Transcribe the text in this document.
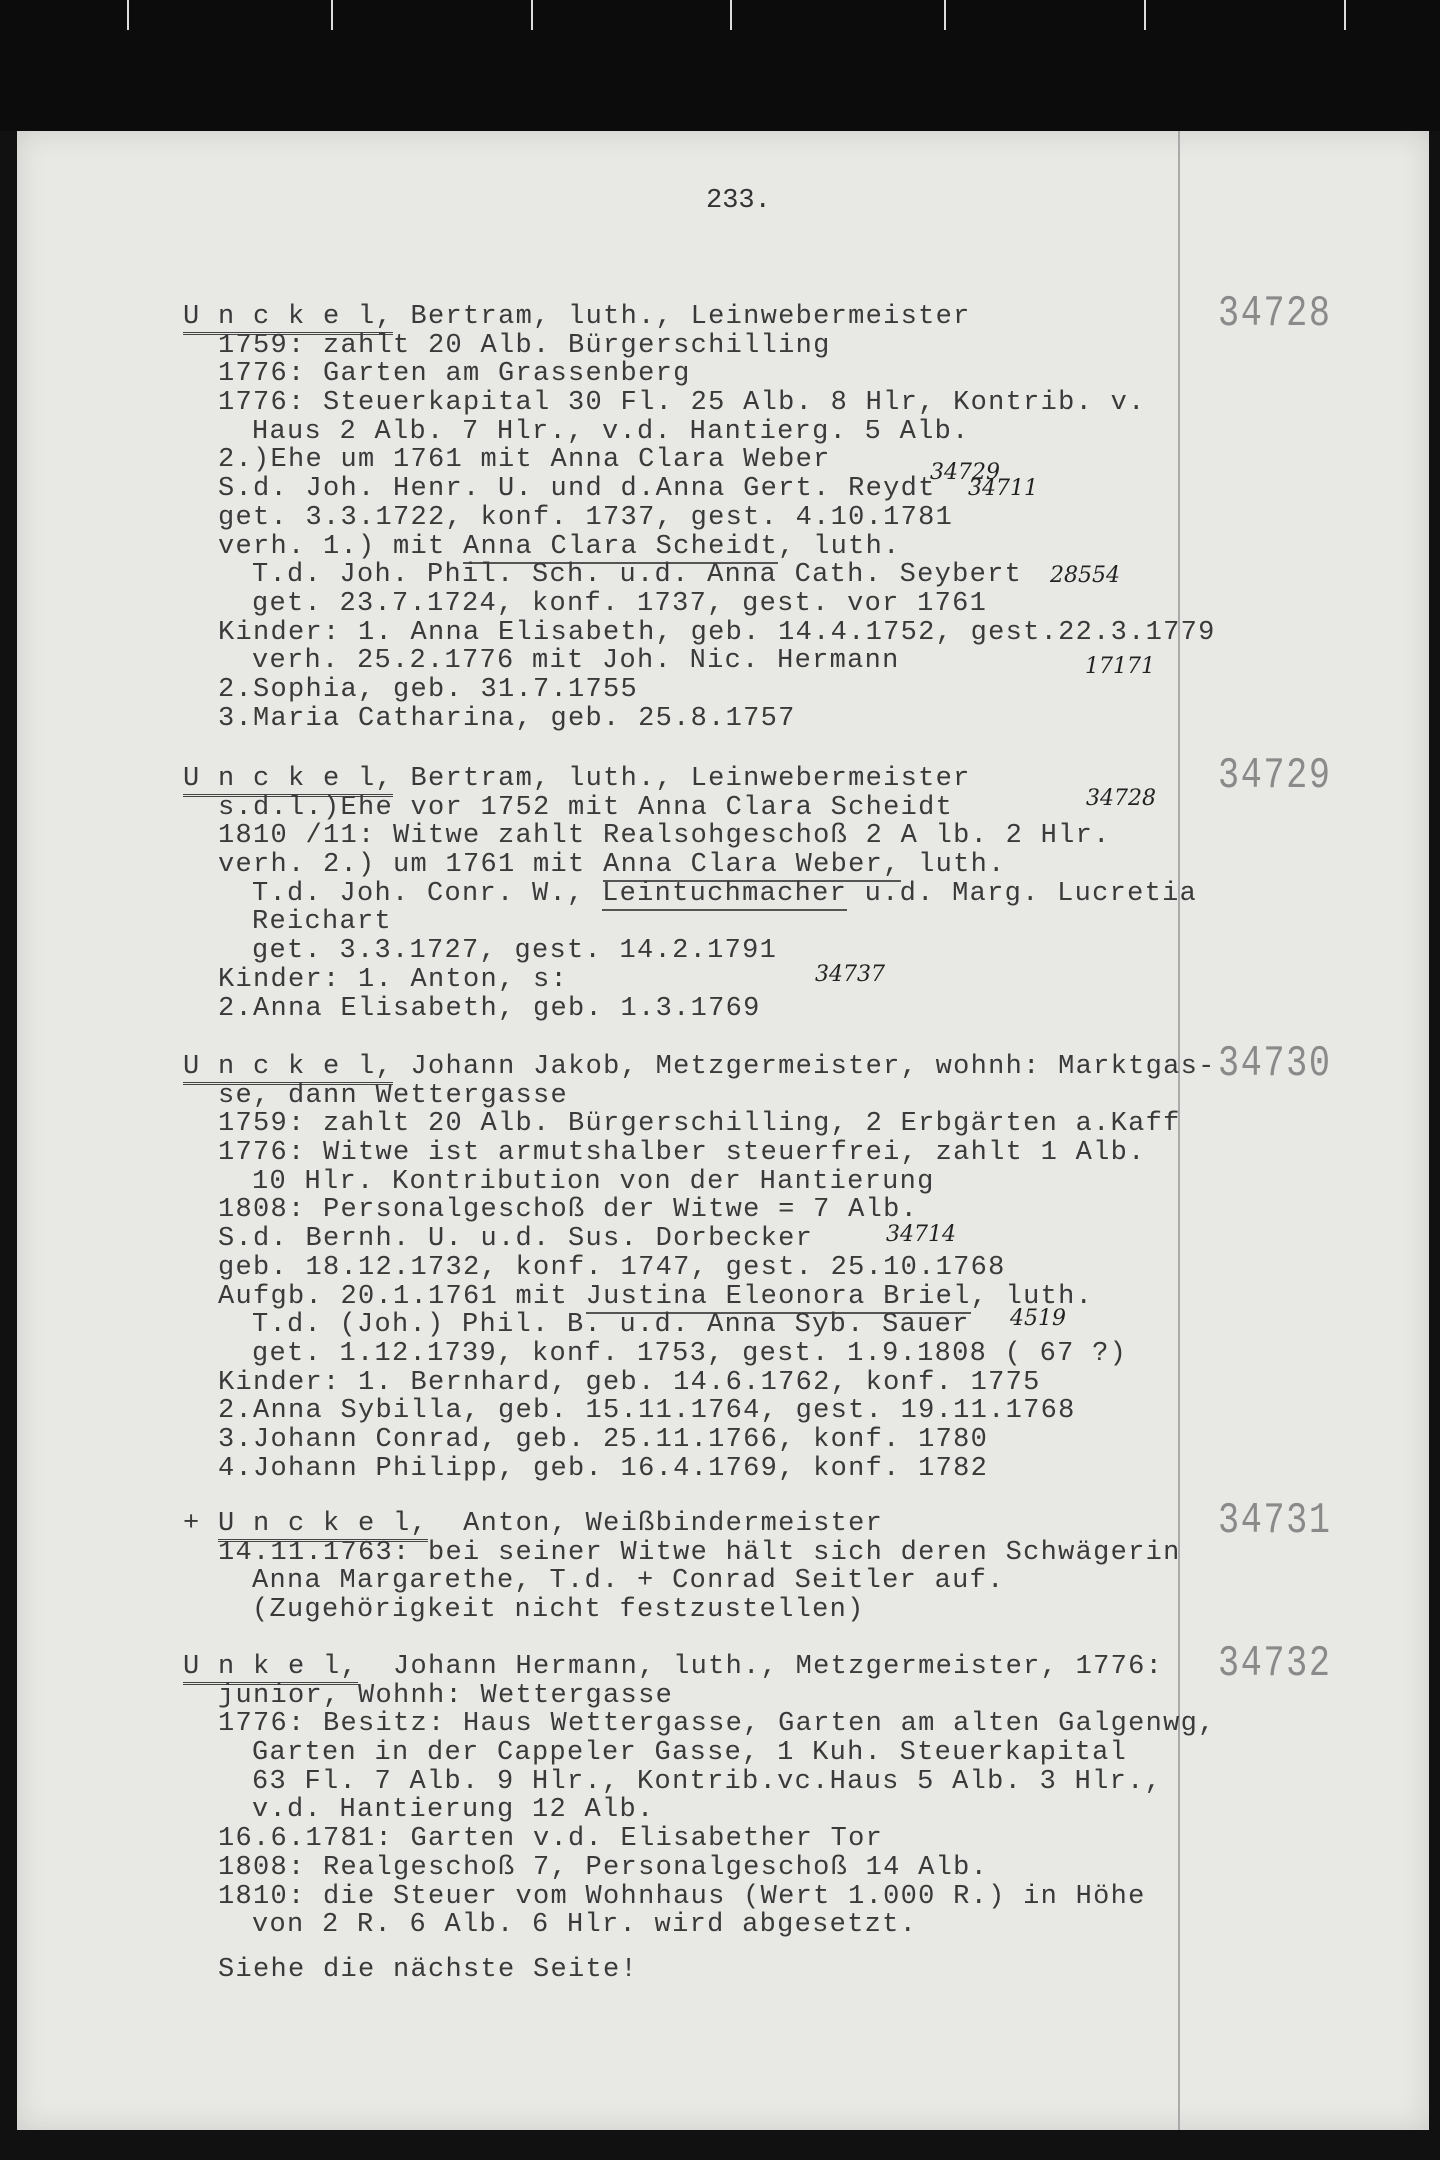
233.
U n c k e l, Bertram, luth., Leinwebermeister
1759: zahlt 20 Alb. Bürgerschilling
1776: Garten am Grassenberg
1776: Steuerkapital 30 Fl. 25 Alb. 8 Hlr, Kontrib. v.
Haus 2 Alb. 7 Hlr., v.d. Hantierg. 5 Alb.
2.)Ehe um 1761 mit Anna Clara Weber
S.d. Joh. Henr. U. und d.Anna Gert. Reydt
get. 3.3.1722, konf. 1737, gest. 4.10.1781
verh. 1.) mit Anna Clara Scheidt, luth.
T.d. Joh. Phil. Sch. u.d. Anna Cath. Seybert
get. 23.7.1724, konf. 1737, gest. vor 1761
Kinder: 1. Anna Elisabeth, geb. 14.4.1752, gest.22.3.1779
verh. 25.2.1776 mit Joh. Nic. Hermann
2.Sophia, geb. 31.7.1755
3.Maria Catharina, geb. 25.8.1757
34728
U n c k e l, Bertram, luth., Leinwebermeister
s.d.l.)Ehe vor 1752 mit Anna Clara Scheidt
1810 /11: Witwe zahlt Realsohgeschoß 2 A lb. 2 Hlr.
verh. 2.) um 1761 mit Anna Clara Weber, luth.
T.d. Joh. Conr. W., Leintuchmacher u.d. Marg. Lucretia
Reichart
get. 3.3.1727, gest. 14.2.1791
Kinder: 1. Anton, s:
2.Anna Elisabeth, geb. 1.3.1769
34729
U n c k e l, Johann Jakob, Metzgermeister, wohnh: Marktgas-
se, dann Wettergasse
1759: zahlt 20 Alb. Bürgerschilling, 2 Erbgärten a.Kaff
1776: Witwe ist armutshalber steuerfrei, zahlt 1 Alb.
10 Hlr. Kontribution von der Hantierung
1808: Personalgeschoß der Witwe = 7 Alb.
S.d. Bernh. U. u.d. Sus. Dorbecker
geb. 18.12.1732, konf. 1747, gest. 25.10.1768
Aufgb. 20.1.1761 mit Justina Eleonora Briel, luth.
T.d. (Joh.) Phil. B. u.d. Anna Syb. Sauer
get. 1.12.1739, konf. 1753, gest. 1.9.1808 ( 67 ?)
Kinder: 1. Bernhard, geb. 14.6.1762, konf. 1775
2.Anna Sybilla, geb. 15.11.1764, gest. 19.11.1768
3.Johann Conrad, geb. 25.11.1766, konf. 1780
4.Johann Philipp, geb. 16.4.1769, konf. 1782
34730
+ U n c k e l,  Anton, Weißbindermeister
14.11.1763: bei seiner Witwe hält sich deren Schwägerin
Anna Margarethe, T.d. + Conrad Seitler auf.
(Zugehörigkeit nicht festzustellen)
34731
U n k e l,  Johann Hermann, luth., Metzgermeister, 1776:
junior, Wohnh: Wettergasse
1776: Besitz: Haus Wettergasse, Garten am alten Galgenwg,
Garten in der Cappeler Gasse, 1 Kuh. Steuerkapital
63 Fl. 7 Alb. 9 Hlr., Kontrib.vc.Haus 5 Alb. 3 Hlr.,
v.d. Hantierung 12 Alb.
16.6.1781: Garten v.d. Elisabether Tor
1808: Realgeschoß 7, Personalgeschoß 14 Alb.
1810: die Steuer vom Wohnhaus (Wert 1.000 R.) in Höhe
von 2 R. 6 Alb. 6 Hlr. wird abgesetzt.
34732
34729
34711
28554
17171
34728
34737
34714
4519
Siehe die nächste Seite!
